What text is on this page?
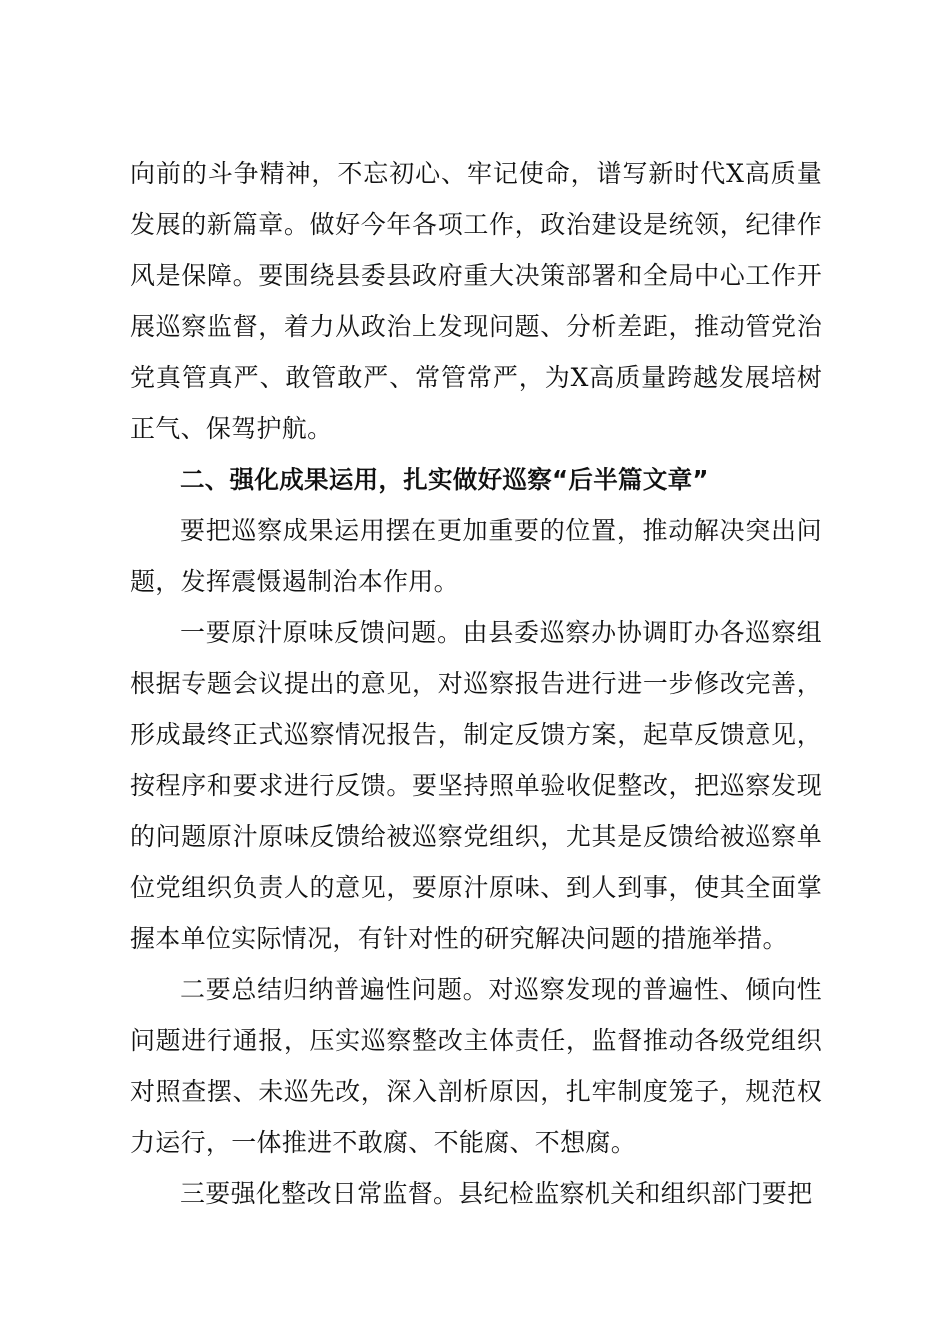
向前的斗争精神，不忘初心、牢记使命，谱写新时代X高质量发展的新篇章。做好今年各项工作，政治建设是统领，纪律作风是保障。要围绕县委县政府重大决策部署和全局中心工作开展巡察监督，着力从政治上发现问题、分析差距，推动管党治党真管真严、敢管敢严、常管常严，为X高质量跨越发展培树正气、保驾护航。

二、强化成果运用，扎实做好巡察“后半篇文章”

要把巡察成果运用摆在更加重要的位置，推动解决突出问题，发挥震慑遏制治本作用。

一要原汁原味反馈问题。由县委巡察办协调盯办各巡察组根据专题会议提出的意见，对巡察报告进行进一步修改完善，形成最终正式巡察情况报告，制定反馈方案，起草反馈意见，按程序和要求进行反馈。要坚持照单验收促整改，把巡察发现的问题原汁原味反馈给被巡察党组织，尤其是反馈给被巡察单位党组织负责人的意见，要原汁原味、到人到事，使其全面掌握本单位实际情况，有针对性的研究解决问题的措施举措。

二要总结归纳普遍性问题。对巡察发现的普遍性、倾向性问题进行通报，压实巡察整改主体责任，监督推动各级党组织对照查摆、未巡先改，深入剖析原因，扎牢制度笼子，规范权力运行，一体推进不敢腐、不能腐、不想腐。

三要强化整改日常监督。县纪检监察机关和组织部门要把
